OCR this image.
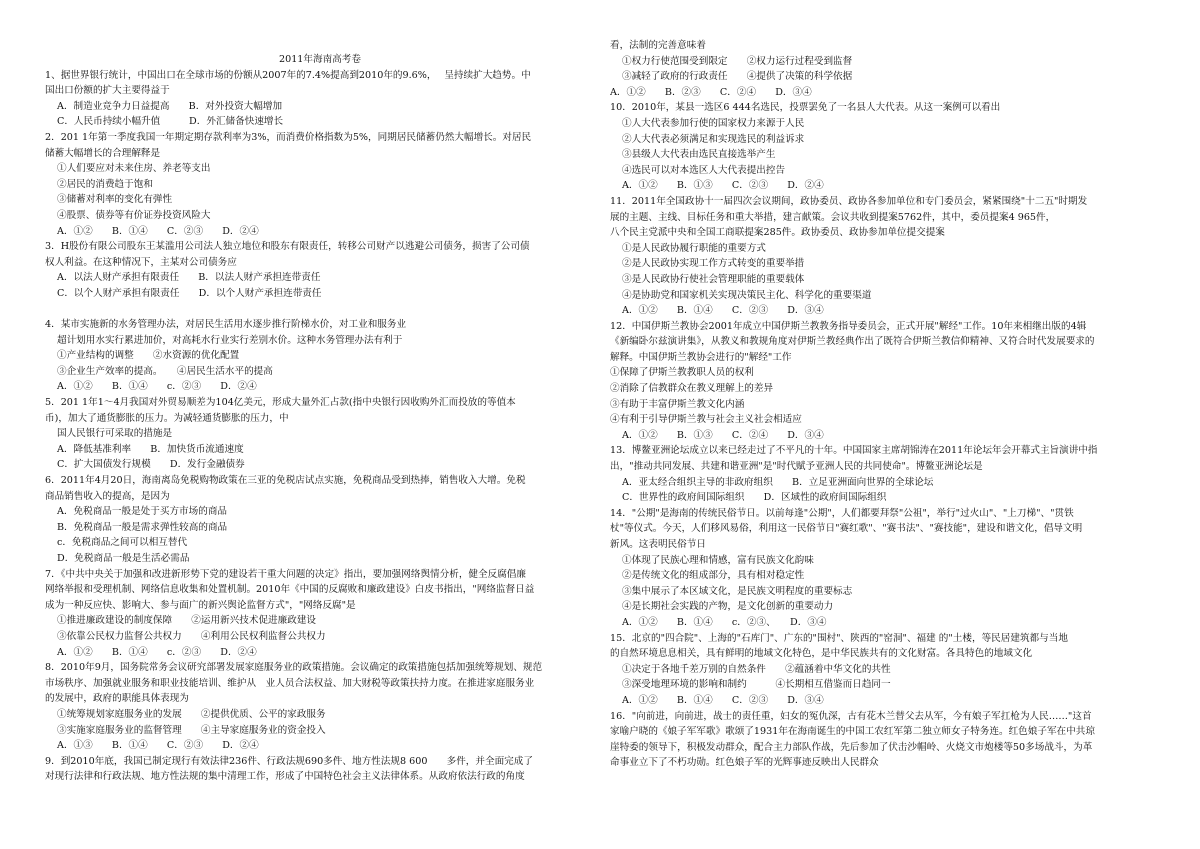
2011年海南高考卷
1、据世界银行统计，中国出口在全球市场的份额从2007年的7.4%提高到2010年的9.6%，　 呈持续扩大趋势。中
国出口份额的扩大主要得益于
A．制造业竞争力日益提高　　B．对外投资大幅增加
C．人民币持续小幅升值　　　D．外汇储备快速增长
2．201 1年第一季度我国一年期定期存款利率为3%，而消费价格指数为5%，同期居民储蓄仍然大幅增长。对居民
储蓄大幅增长的合理解释是
①人们要应对未来住房、养老等支出
②居民的消费趋于饱和
③储蓄对利率的变化有弹性
④股票、债券等有价证券投资风险大
A．①②　　B．①④　　C．②③　　D．②④
3．H股份有限公司股东王某滥用公司法人独立地位和股东有限责任，转移公司财产以逃避公司债务，损害了公司债
权人利益。在这种情况下，主某对公司债务应
A．以法人财产承担有限责任　　B．以法人财产承担连带责任
C．以个人财产承担有限责任　　D．以个人财产承担连带责任
4．某市实施新的水务管理办法，对居民生活用水逐步推行阶梯水价，对工业和服务业
超计划用水实行累进加价，对高耗水行业实行差别水价。这种水务管理办法有利于
①产业结构的调整　　②水资源的优化配置
③企业生产效率的提高。　　④居民生活水平的提高
A．①②　　B．①④　　c．②③　　D．②④
5．201 1年1～4月我国对外贸易顺差为104亿美元，形成大量外汇占款(指中央银行因收购外汇而投放的等值本
币)，加大了通货膨胀的压力。为减轻通货膨胀的压力，中
国人民银行可采取的措施是
A．降低基准利率　　B．加快货币流通速度
C．扩大国债发行规模　　D．发行金融债券
6．2011年4月20日，海南离岛免税购物政策在三亚的免税店试点实施，免税商品受到热捧，销售收入大增。免税
商品销售收入的提高，是因为
A．免税商品一般是处于买方市场的商品
B．免税商品一般是需求弹性较高的商品
c．免税商品之间可以相互替代
D．免税商品一般是生活必需品
7．《中共中央关于加强和改进新形势下党的建设若干重大问题的决定》指出，要加强网络舆情分析，健全反腐倡廉
网络举报和受理机制、网络信息收集和处置机制。2010年《中国的反腐败和廉政建设》白皮书指出，"网络监督日益
成为一种反应快、影响大、参与面广的新兴舆论监督方式"，"网络反腐"是
①推进廉政建设的制度保障　　②运用新兴技术促进廉政建设
③依靠公民权力监督公共权力　　④利用公民权利监督公共权力
A．①②　　B．①④　　c．②③　　D．②④
8．2010年9月，国务院常务会议研究部署发展家庭服务业的政策措施。会议确定的政策措施包括加强统筹规划、规范
市场秩序、加强就业服务和职业技能培训、维护从　业人员合法权益、加大财税等政策扶持力度。在推进家庭服务业
的发展中，政府的职能具体表现为
①统筹规划家庭服务业的发展　　②提供优质、公平的家政服务
③实施家庭服务业的监督管理　　④主导家庭服务业的资金投入
A．①③　　B．①④　　C．②③　　D．②④
9．到2010年底，我国已制定现行有效法律236件、行政法规690多件、地方性法规8 600　　多件，并全面完成了
对现行法律和行政法规、地方性法规的集中清理工作，形成了中国特色社会主义法律体系。从政府依法行政的角度
看，法制的完善意味着
①权力行使范围受到限定　　②权力运行过程受到监督
③减轻了政府的行政责任　　④提供了决策的科学依据
A．①②　　B．②③　　C．②④　　D．③④
10．2010年，某县一选区6 444名选民，投票罢免了一名县人大代表。从这一案例可以看出
①人大代表参加行使的国家权力来源于人民
②人大代表必须满足和实现选民的利益诉求
③县级人大代表由选民直接选举产生
④选民可以对本选区人大代表提出控告
A．①②　　B．①③　　C．②③　　D．②④
11．2011年全国政协十一届四次会议期间，政协委员、政协各参加单位和专门委员会，紧紧围绕"十二五"时期发
展的主题、主线、目标任务和重大举措，建言献策。会议共收到提案5762件，其中，委员提案4 965件，
八个民主党派中央和全国工商联提案285件。政协委员、政协参加单位提交提案
①是人民政协履行职能的重要方式
②是人民政协实现工作方式转变的重要举措
③是人民政协行使社会管理职能的重要载体
④是协助党和国家机关实现决策民主化、科学化的重要渠道
A．①②　　B．①④　　C．②③　　D．③④
12．中国伊斯兰教协会2001年成立中国伊斯兰教教务指导委员会，正式开展"解经"工作。10年来相继出版的4辑
《新编卧尔兹演讲集》，从教义和教规角度对伊斯兰教经典作出了既符合伊斯兰教信仰精神、又符合时代发展要求的
解释。中国伊斯兰教协会进行的"解经"工作
①保障了伊斯兰教教职人员的权利
②消除了信教群众在教义理解上的差异
③有助于丰富伊斯兰教文化内涵
④有利于引导伊斯兰教与社会主义社会相适应
A．①②　　B．①③　　C．②④　　D．③④
13．博鳌亚洲论坛成立以来已经走过了不平凡的十年。中国国家主席胡锦涛在2011年论坛年会开幕式主旨演讲中指
出，"推动共同发展、共建和谐亚洲"是"时代赋予亚洲人民的共同使命"。博鳌亚洲论坛是
A．亚太经合组织主导的非政府组织　　B．立足亚洲面向世界的全球论坛
C．世界性的政府间国际组织　　D．区域性的政府间国际组织
14．"公期"是海南的传统民俗节日。以前每逢"公期"，人们都要拜祭"公祖"，举行"过火山"、"上刀梯"、"贯铁
杖"等仪式。今天，人们移风易俗，利用这一民俗节日"赛红歌"、"赛书法"、"赛技能"，建设和谐文化，倡导文明
新风。这表明民俗节日
①体现了民族心理和情感，富有民族文化韵味
②是传统文化的组成部分，具有相对稳定性
③集中展示了本区域文化，是民族文明程度的重要标志
④是长期社会实践的产物，是文化创新的重要动力
A．①②　　B．①④　　c．②③、　　D．③④
15．北京的"四合院"、上海的"石库门"、广东的"围村"、陕西的"窑洞"、福建 的"土楼，等民居建筑都与当地
的自然环境息息相关，具有鲜明的地域文化特色，是中华民族共有的文化财富。各具特色的地域文化
①决定于各地千差万别的自然条件　　②蕴涵着中华文化的共性
③深受地理环境的影响和制约　　　④长期相互借鉴而日趋同一
A．①②　　B．①④　　C．②③　　D．③④
16．"向前进，向前进，战士的责任重，妇女的冤仇深，古有花木兰替父去从军，今有娘子军扛枪为人民……"这首
家喻户晓的《娘子军军歌》歌颂了1931年在海南诞生的中国工农红军第二独立师女子特务连。红色娘子军在中共琼
崖特委的领导下，积极发动群众，配合主力部队作战，先后参加了伏击沙帽岭、火烧文市炮楼等50多场战斗，为革
命事业立下了不朽功勋。红色娘子军的光辉事迹反映出人民群众
